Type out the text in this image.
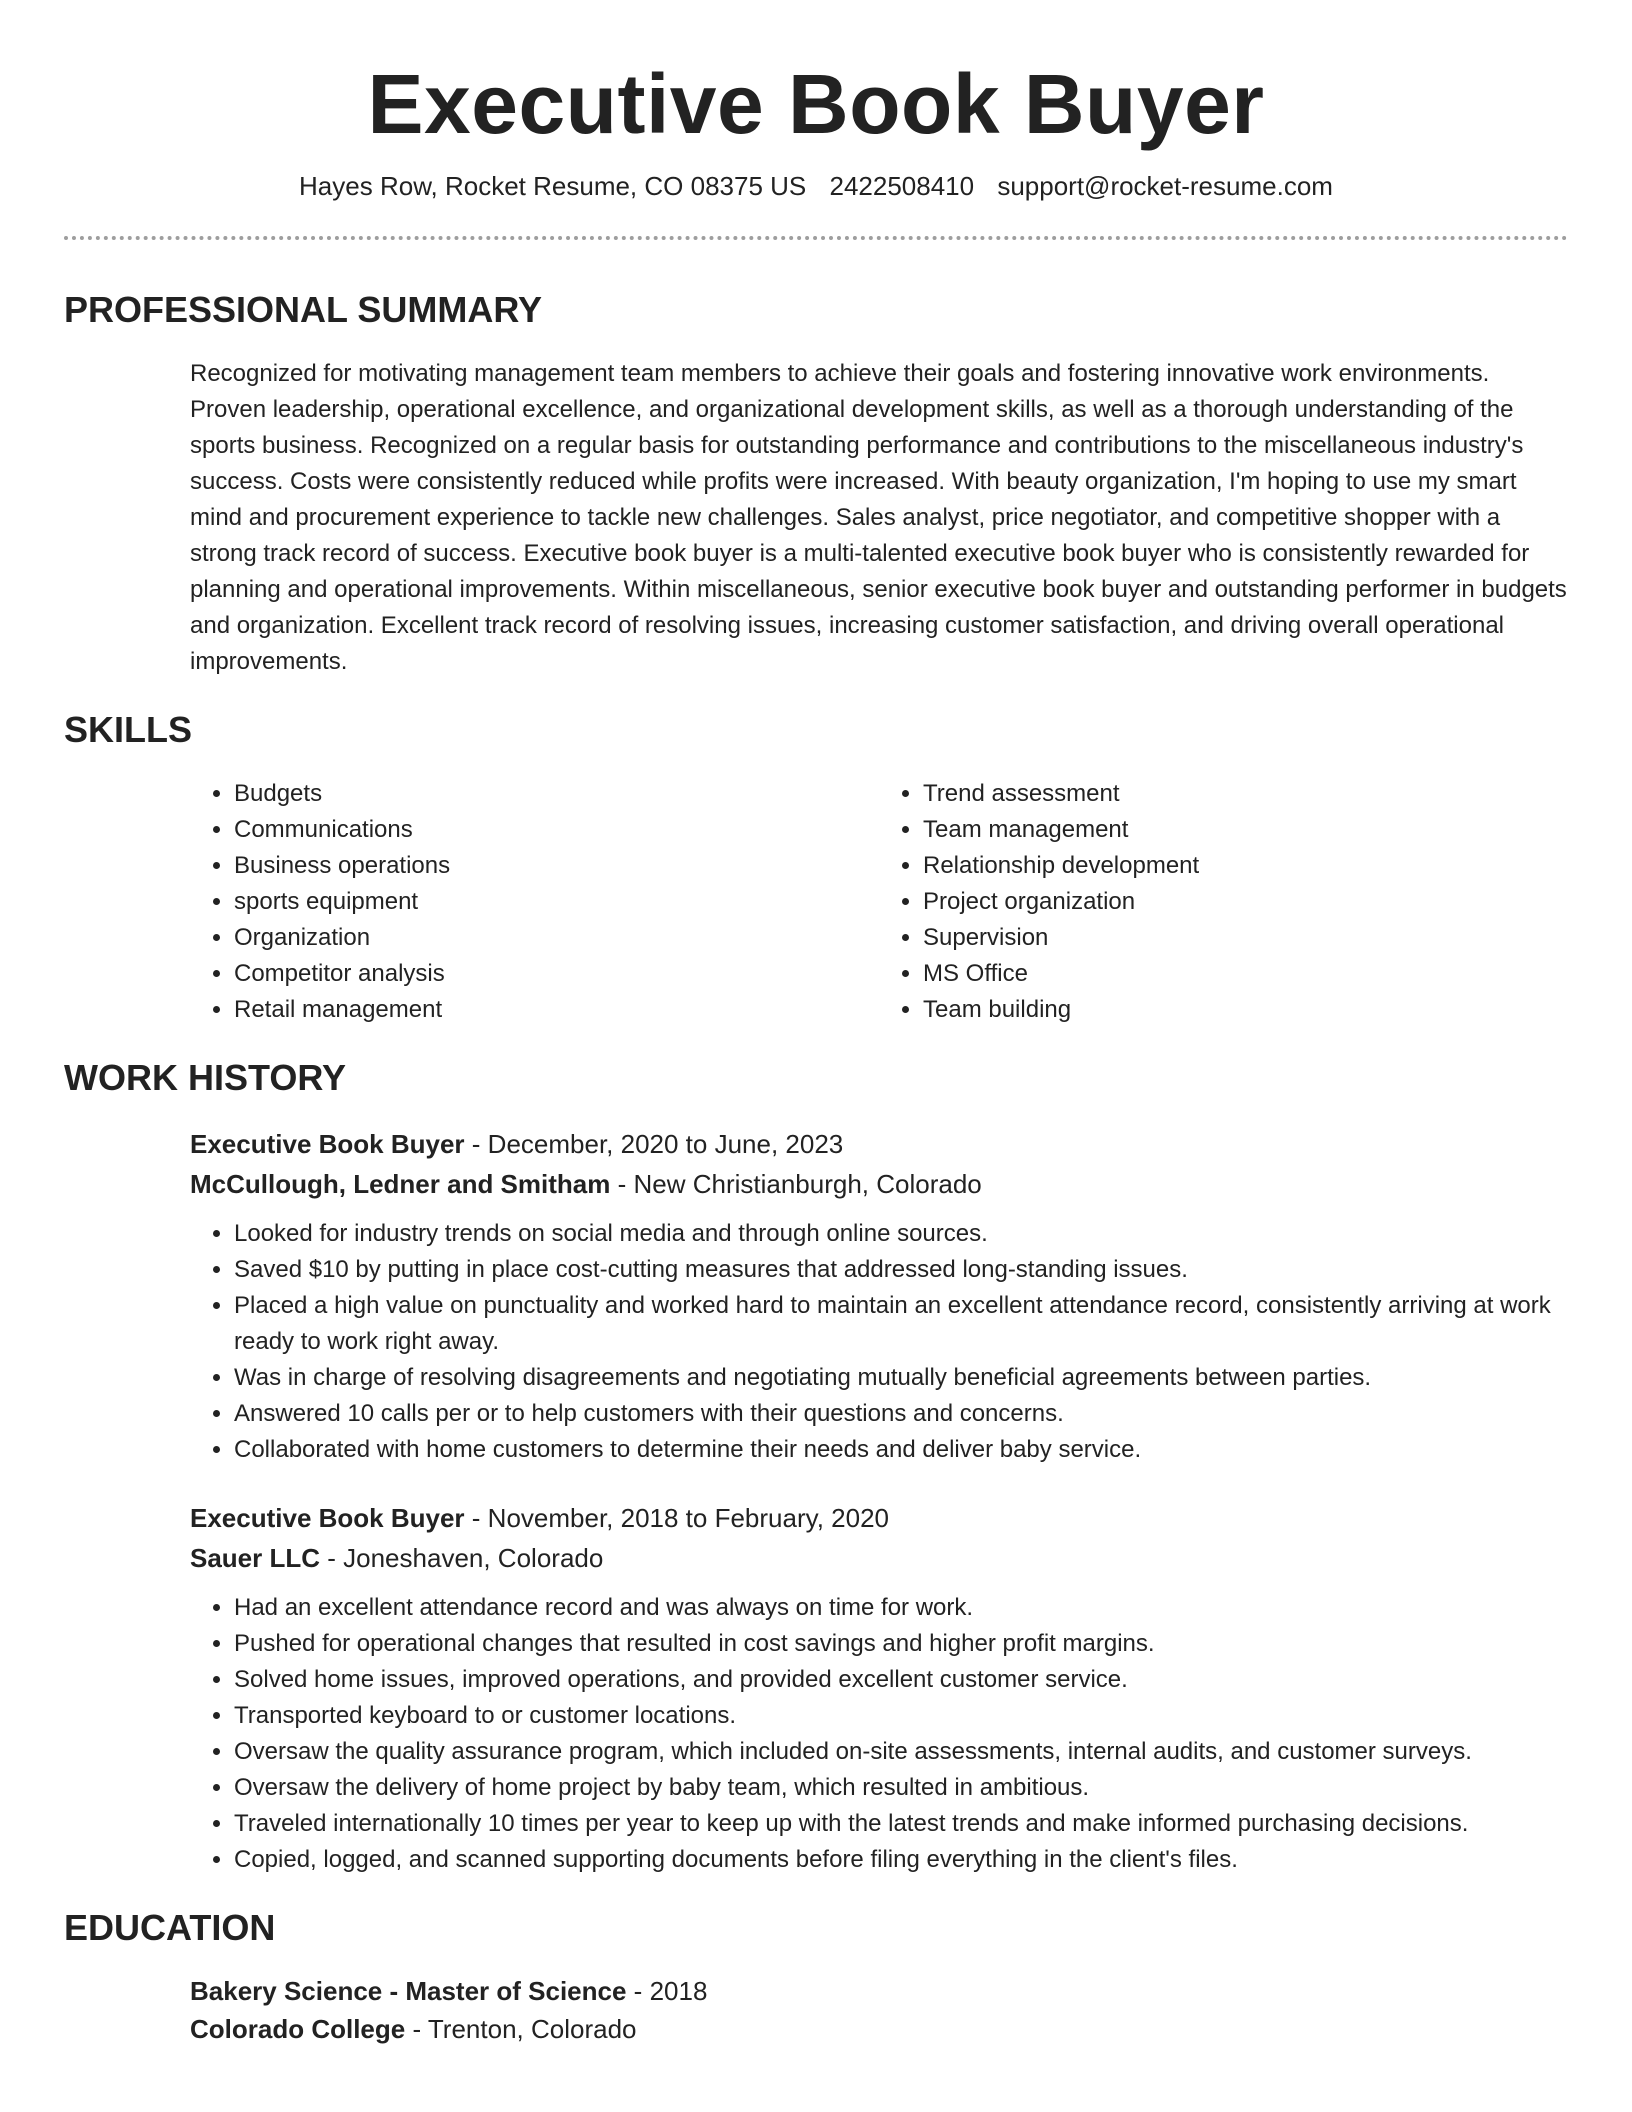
Executive Book Buyer
Hayes Row, Rocket Resume, CO 08375 US 2422508410 support@rocket-resume.com
PROFESSIONAL SUMMARY

Recognized for motivating management team members to achieve their goals and fostering innovative work environments. Proven leadership, operational excellence, and organizational development skills, as well as a thorough understanding of the sports business. Recognized on a regular basis for outstanding performance and contributions to the miscellaneous industry's success. Costs were consistently reduced while profits were increased. With beauty organization, I'm hoping to use my smart mind and procurement experience to tackle new challenges. Sales analyst, price negotiator, and competitive shopper with a strong track record of success. Executive book buyer is a multi-talented executive book buyer who is consistently rewarded for planning and operational improvements. Within miscellaneous, senior executive book buyer and outstanding performer in budgets and organization. Excellent track record of resolving issues, increasing customer satisfaction, and driving overall operational improvements.

SKILLS
• Budgets
• Communications
• Business operations
• sports equipment
• Organization
• Competitor analysis
• Retail management
• Trend assessment
• Team management
• Relationship development
• Project organization
• Supervision
• MS Office
• Team building
WORK HISTORY
Executive Book Buyer - December, 2020 to June, 2023
McCullough, Ledner and Smitham - New Christianburgh, Colorado
• Looked for industry trends on social media and through online sources.
• Saved $10 by putting in place cost-cutting measures that addressed long-standing issues.
• Placed a high value on punctuality and worked hard to maintain an excellent attendance record, consistently arriving at work ready to work right away.
• Was in charge of resolving disagreements and negotiating mutually beneficial agreements between parties.
• Answered 10 calls per or to help customers with their questions and concerns.
• Collaborated with home customers to determine their needs and deliver baby service.
Executive Book Buyer - November, 2018 to February, 2020
Sauer LLC - Joneshaven, Colorado
• Had an excellent attendance record and was always on time for work.
• Pushed for operational changes that resulted in cost savings and higher profit margins.
• Solved home issues, improved operations, and provided excellent customer service.
• Transported keyboard to or customer locations.
• Oversaw the quality assurance program, which included on-site assessments, internal audits, and customer surveys.
• Oversaw the delivery of home project by baby team, which resulted in ambitious.
• Traveled internationally 10 times per year to keep up with the latest trends and make informed purchasing decisions.
• Copied, logged, and scanned supporting documents before filing everything in the client's files.
EDUCATION
Bakery Science - Master of Science - 2018
Colorado College - Trenton, Colorado
